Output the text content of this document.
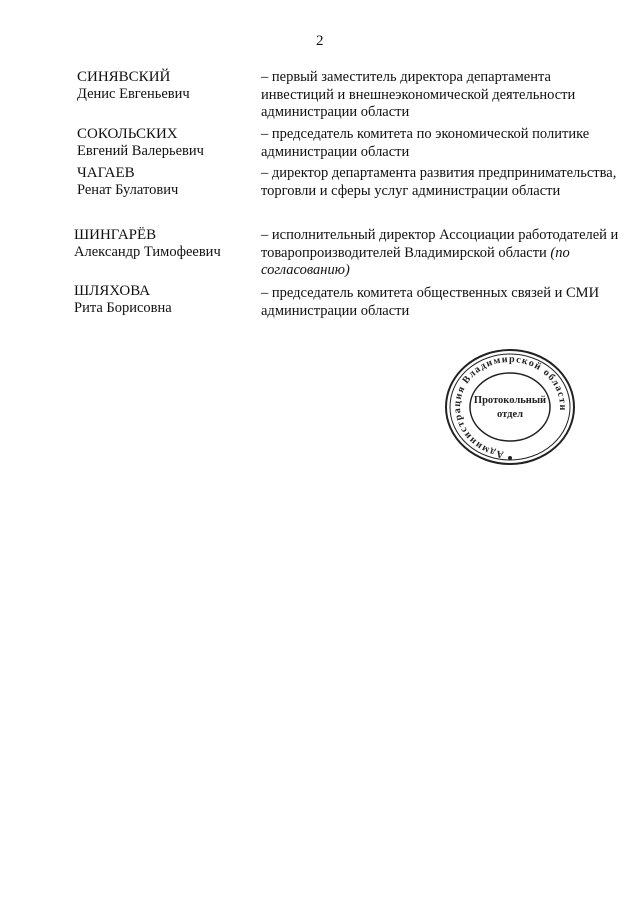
2
СИНЯВСКИЙ
Денис Евгеньевич
– первый заместитель директора департамента инвестиций и внешнеэкономической деятельности администрации области
СОКОЛЬСКИХ
Евгений Валерьевич
– председатель комитета по экономической политике администрации области
ЧАГАЕВ
Ренат Булатович
– директор департамента развития предпринимательства, торговли и сферы услуг администрации области
ШИНГАРЁВ
Александр Тимофеевич
– исполнительный директор Ассоциации работодателей и товаропроизводителей Владимирской области (по согласованию)
ШЛЯХОВА
Рита Борисовна
– председатель комитета общественных связей и СМИ администрации области
Администрация Владимирской области
Протокольный
отдел
